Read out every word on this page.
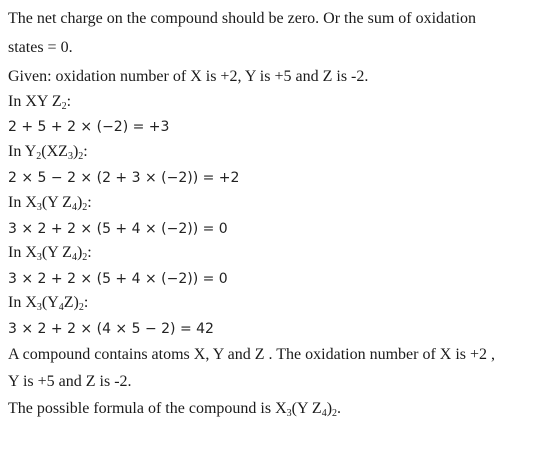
The net charge on the compound should be zero. Or the sum of oxidation
states = 0.
Given: oxidation number of X is +2, Y is +5 and Z is -2.
In XY $Z_2$:
2 + 5 + 2 × (−2) = +3
In $Y_2(XZ_3)_2$:
2 × 5 − 2 × (2 + 3 × (−2)) = +2
In $X_3(Y$ $Z_4)_2$:
3 × 2 + 2 × (5 + 4 × (−2)) = 0
In $X_3(Y$ $Z_4)_2$:
3 × 2 + 2 × (5 + 4 × (−2)) = 0
In $X_3(Y_4Z)_2$:
3 × 2 + 2 × (4 × 5 − 2) = 42
A compound contains atoms X, Y and Z . The oxidation number of X is +2 ,
Y is +5 and Z is -2.
The possible formula of the compound is $X_3(Y$ $Z_4)_2$.
